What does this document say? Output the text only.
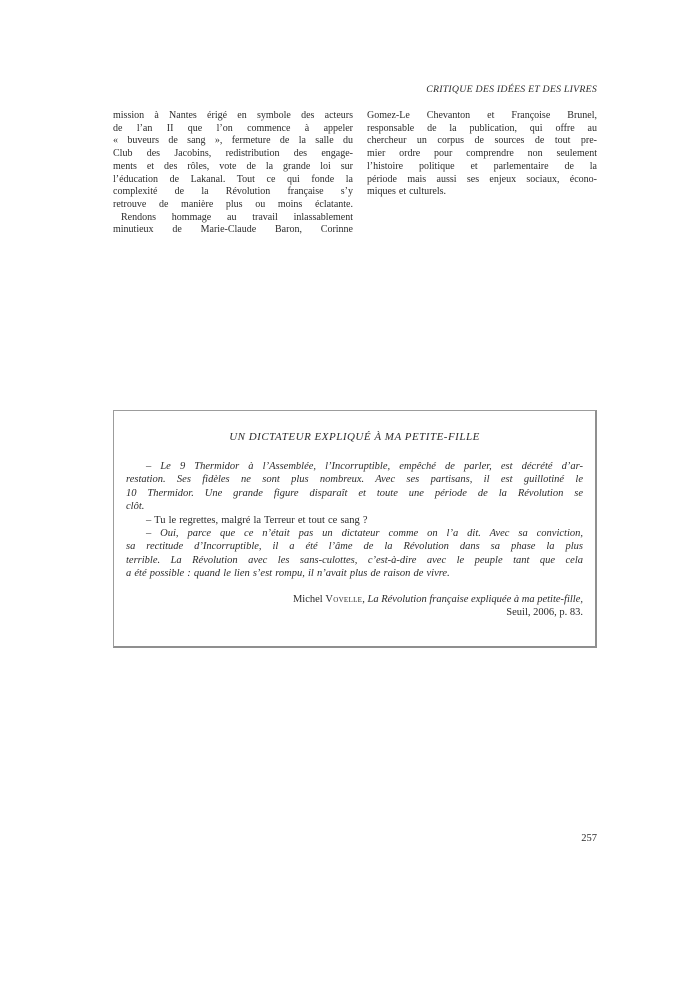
CRITIQUE DES IDÉES ET DES LIVRES
mission à Nantes érigé en symbole des acteurs
de l’an II que l’on commence à appeler
« buveurs de sang », fermeture de la salle du
Club des Jacobins, redistribution des engage-
ments et des rôles, vote de la grande loi sur
l’éducation de Lakanal. Tout ce qui fonde la
complexité de la Révolution française s’y
retrouve de manière plus ou moins éclatante.
Rendons hommage au travail inlassablement
minutieux de Marie-Claude Baron, Corinne
Gomez-Le Chevanton et Françoise Brunel,
responsable de la publication, qui offre au
chercheur un corpus de sources de tout pre-
mier ordre pour comprendre non seulement
l’histoire politique et parlementaire de la
période mais aussi ses enjeux sociaux, écono-
miques et culturels.
UN DICTATEUR EXPLIQUÉ À MA PETITE-FILLE
– Le 9 Thermidor à l’Assemblée, l’Incorruptible, empêché de parler, est décrété d’ar-
restation. Ses fidèles ne sont plus nombreux. Avec ses partisans, il est guillotiné le
10 Thermidor. Une grande figure disparaît et toute une période de la Révolution se
clôt.
– Tu le regrettes, malgré la Terreur et tout ce sang ?
– Oui, parce que ce n’était pas un dictateur comme on l’a dit. Avec sa conviction,
sa rectitude d’Incorruptible, il a été l’âme de la Révolution dans sa phase la plus
terrible. La Révolution avec les sans-culottes, c’est-à-dire avec le peuple tant que cela
a été possible : quand le lien s’est rompu, il n’avait plus de raison de vivre.
Michel Vovelle, La Révolution française expliquée à ma petite-fille,
Seuil, 2006, p. 83.
257
